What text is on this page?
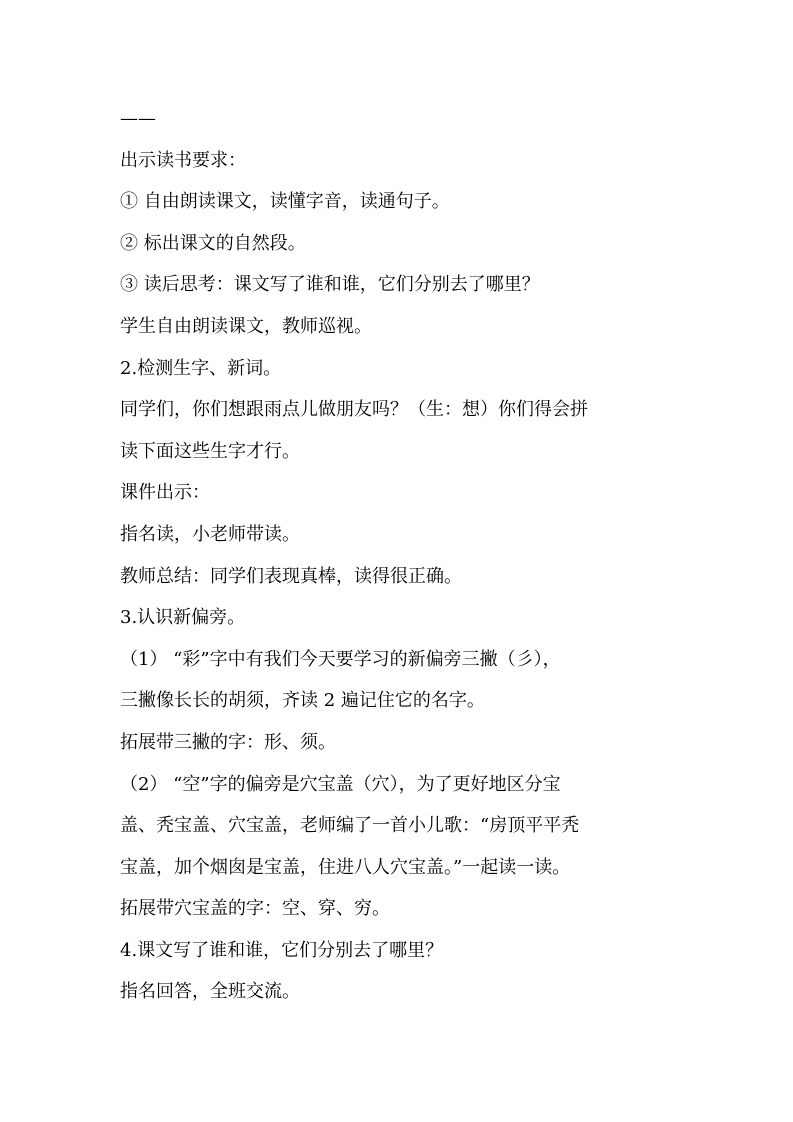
——
出示读书要求：
① 自由朗读课文，读懂字音，读通句子。
② 标出课文的自然段。
③ 读后思考：课文写了谁和谁，它们分别去了哪里？
学生自由朗读课文，教师巡视。
2.检测生字、新词。
同学们，你们想跟雨点儿做朋友吗？（生：想）你们得会拼
读下面这些生字才行。
课件出示：
指名读，小老师带读。
教师总结：同学们表现真棒，读得很正确。
3.认识新偏旁。
（1） “彩”字中有我们今天要学习的新偏旁三撇（彡），
三撇像长长的胡须，齐读 2 遍记住它的名字。
拓展带三撇的字：形、须。
（2） “空”字的偏旁是穴宝盖（穴），为了更好地区分宝
盖、秃宝盖、穴宝盖，老师编了一首小儿歌：“房顶平平秃
宝盖，加个烟囱是宝盖，住进八人穴宝盖。”一起读一读。
拓展带穴宝盖的字：空、穿、穷。
4.课文写了谁和谁，它们分别去了哪里？
指名回答，全班交流。
